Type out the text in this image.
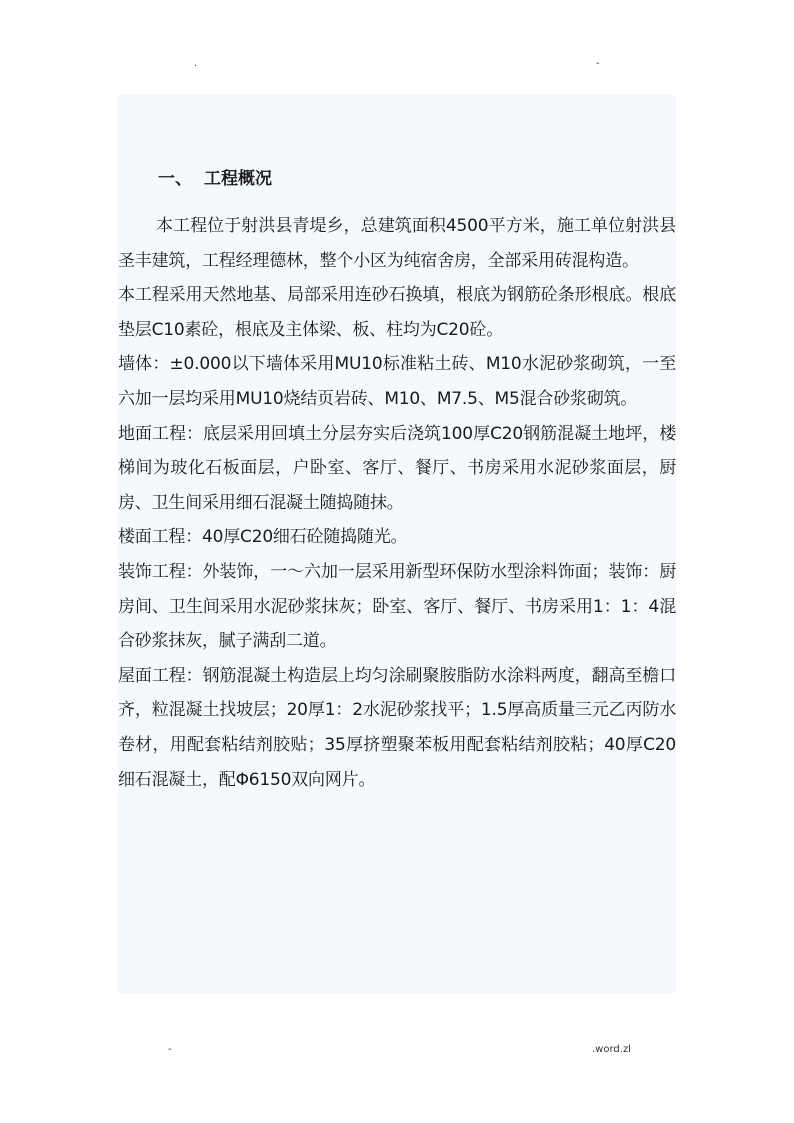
.	-
一、 工程概况

本工程位于射洪县青堤乡，总建筑面积4500平方米，施工单位射洪县圣丰建筑，工程经理德林，整个小区为纯宿舍房，全部采用砖混构造。

本工程采用天然地基、局部采用连砂石换填，根底为钢筋砼条形根底。根底垫层C10素砼，根底及主体梁、板、柱均为C20砼。

墙体：±0.000以下墙体采用MU10标准粘土砖、M10水泥砂浆砌筑，一至六加一层均采用MU10烧结页岩砖、M10、M7.5、M5混合砂浆砌筑。

地面工程：底层采用回填土分层夯实后浇筑100厚C20钢筋混凝土地坪，楼梯间为玻化石板面层，户卧室、客厅、餐厅、书房采用水泥砂浆面层，厨房、卫生间采用细石混凝土随捣随抹。

楼面工程：40厚C20细石砼随捣随光。

装饰工程：外装饰，一～六加一层采用新型环保防水型涂料饰面；装饰：厨房间、卫生间采用水泥砂浆抹灰；卧室、客厅、餐厅、书房采用1：1：4混合砂浆抹灰，腻子满刮二道。

屋面工程：钢筋混凝土构造层上均匀涂刷聚胺脂防水涂料两度，翻高至檐口齐，粒混凝土找坡层；20厚1：2水泥砂浆找平；1.5厚高质量三元乙丙防水卷材，用配套粘结剂胶贴；35厚挤塑聚苯板用配套粘结剂胶粘；40厚C20细石混凝土，配Φ6150双向网片。

-	.word.zl
